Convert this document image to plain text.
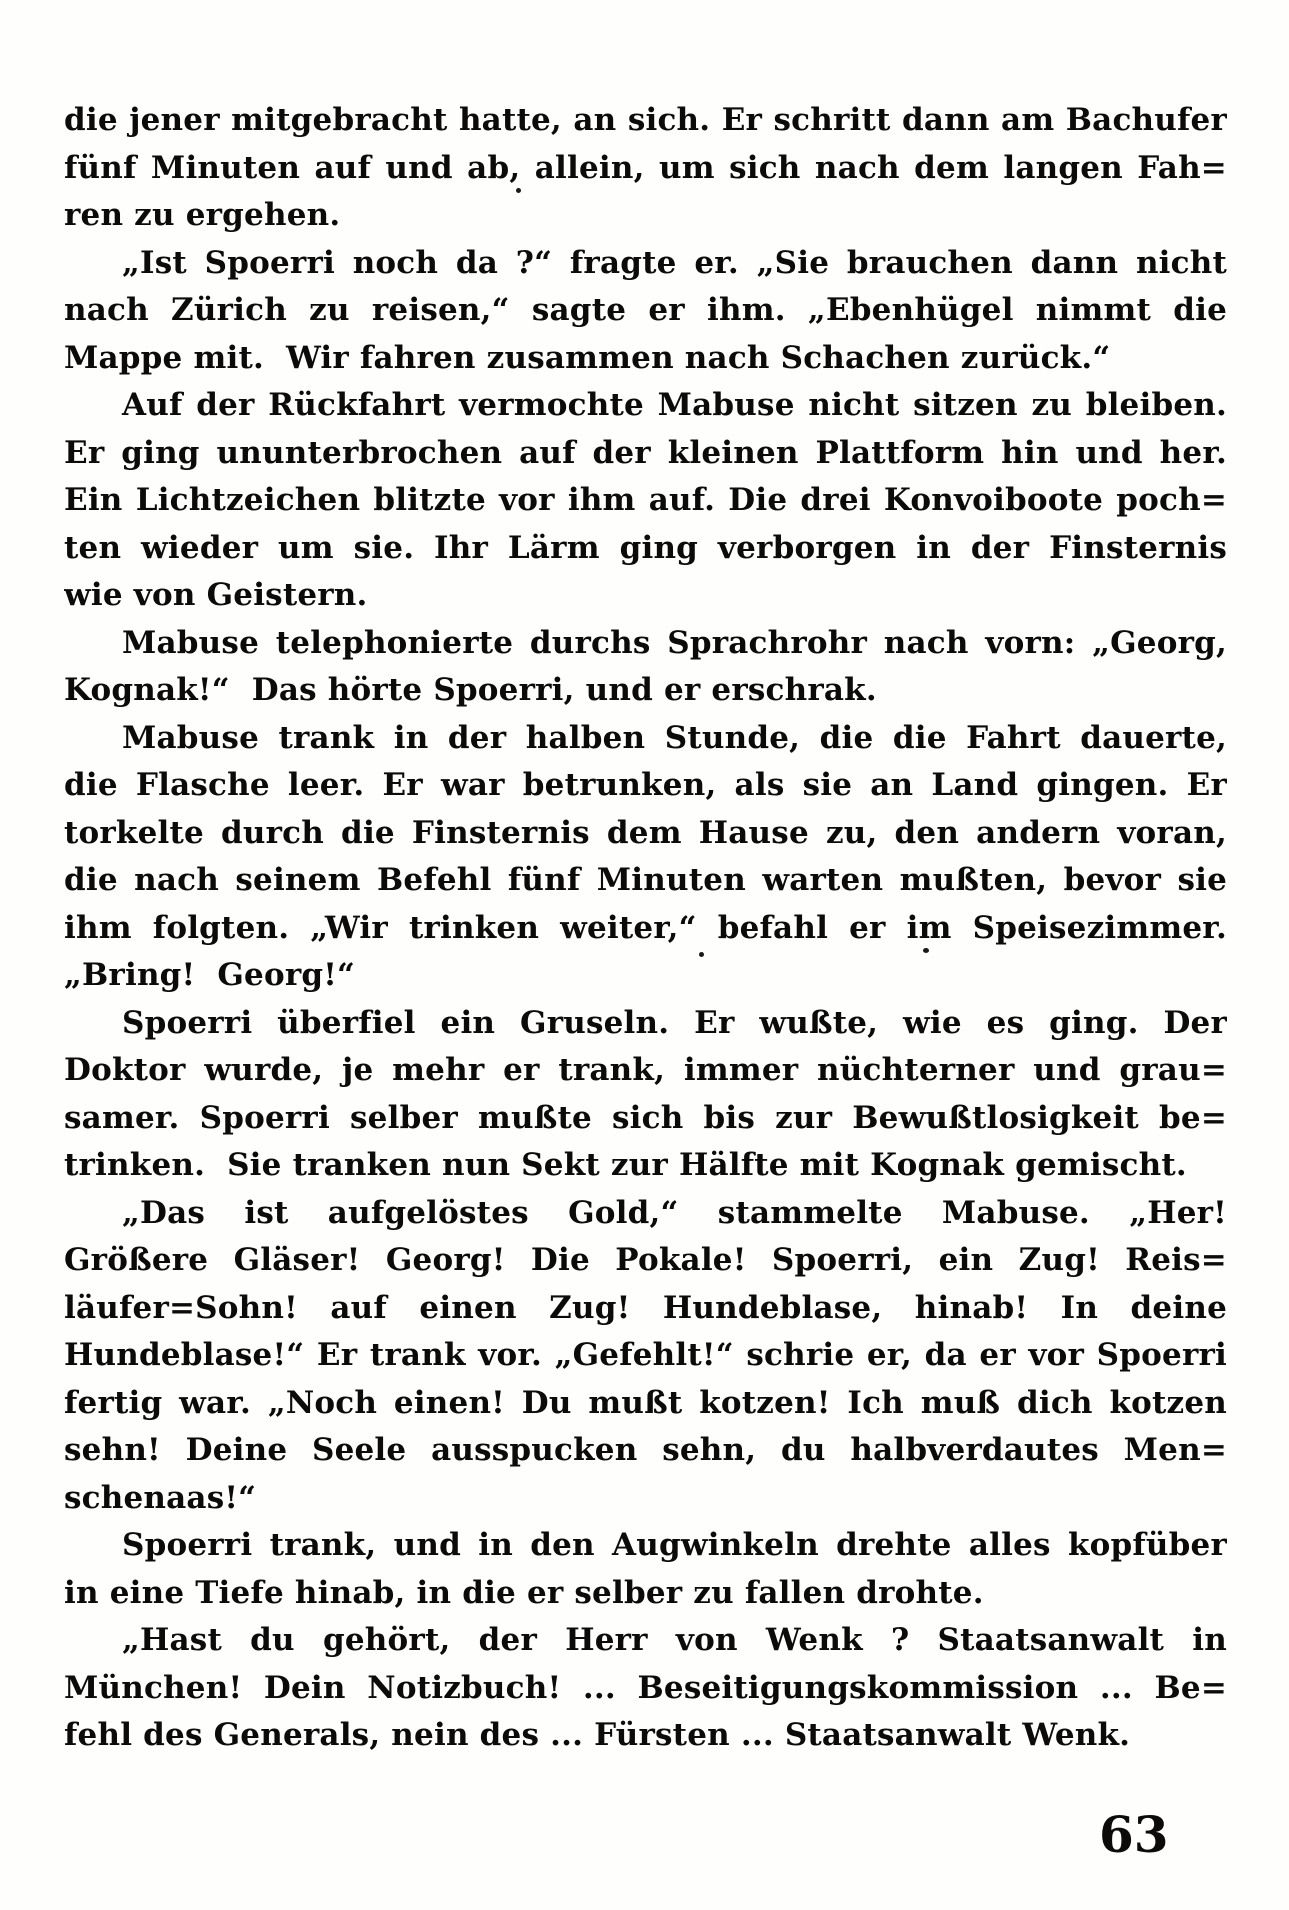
die jener mitgebracht hatte, an sich. Er schritt dann am Bachufer
fünf Minuten auf und ab, allein, um sich nach dem langen Fah=
ren zu ergehen.
„Ist Spoerri noch da ?“ fragte er. „Sie brauchen dann nicht
nach Zürich zu reisen,“ sagte er ihm. „Ebenhügel nimmt die
Mappe mit.  Wir fahren zusammen nach Schachen zurück.“
Auf der Rückfahrt vermochte Mabuse nicht sitzen zu bleiben.
Er ging ununterbrochen auf der kleinen Plattform hin und her.
Ein Lichtzeichen blitzte vor ihm auf. Die drei Konvoiboote poch=
ten wieder um sie. Ihr Lärm ging verborgen in der Finsternis
wie von Geistern.
Mabuse telephonierte durchs Sprachrohr nach vorn: „Georg,
Kognak!“  Das hörte Spoerri, und er erschrak.
Mabuse trank in der halben Stunde, die die Fahrt dauerte,
die Flasche leer. Er war betrunken, als sie an Land gingen. Er
torkelte durch die Finsternis dem Hause zu, den andern voran,
die nach seinem Befehl fünf Minuten warten mußten, bevor sie
ihm folgten. „Wir trinken weiter,“ befahl er im Speisezimmer.
„Bring!  Georg!“
Spoerri überfiel ein Gruseln. Er wußte, wie es ging. Der
Doktor wurde, je mehr er trank, immer nüchterner und grau=
samer. Spoerri selber mußte sich bis zur Bewußtlosigkeit be=
trinken.  Sie tranken nun Sekt zur Hälfte mit Kognak gemischt.
„Das ist aufgelöstes Gold,“ stammelte Mabuse. „Her!
Größere Gläser! Georg! Die Pokale! Spoerri, ein Zug! Reis=
läufer=Sohn! auf einen Zug! Hundeblase, hinab! In deine
Hundeblase!“ Er trank vor. „Gefehlt!“ schrie er, da er vor Spoerri
fertig war. „Noch einen! Du mußt kotzen! Ich muß dich kotzen
sehn! Deine Seele ausspucken sehn, du halbverdautes Men=
schenaas!“
Spoerri trank, und in den Augwinkeln drehte alles kopfüber
in eine Tiefe hinab, in die er selber zu fallen drohte.
„Hast du gehört, der Herr von Wenk ? Staatsanwalt in
München! Dein Notizbuch! ... Beseitigungskommission ... Be=
fehl des Generals, nein des ... Fürsten ... Staatsanwalt Wenk.
63
